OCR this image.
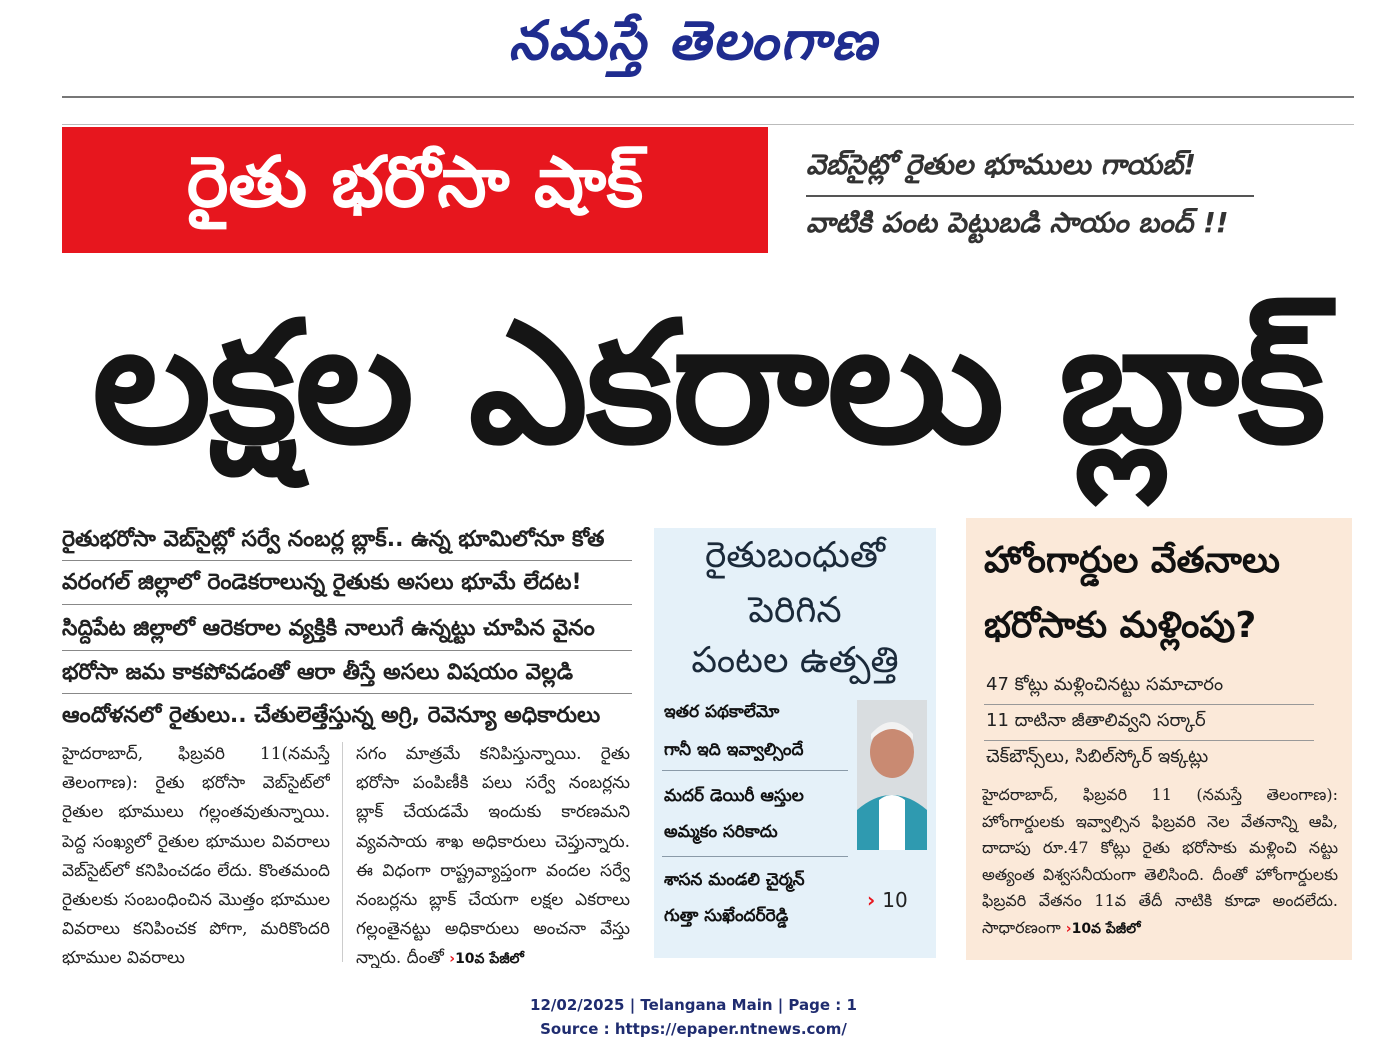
నమస్తే తెలంగాణ
రైతు భరోసా షాక్	వెబ్‌సైట్లో రైతుల భూములు గాయబ్!
వాటికి పంట పెట్టుబడి సాయం బంద్ !!
లక్షల ఎకరాలు బ్లాక్
రైతుభరోసా వెబ్‌సైట్లో సర్వే నంబర్ల బ్లాక్.. ఉన్న భూమిలోనూ కోత
వరంగల్ జిల్లాలో రెండెకరాలున్న రైతుకు అసలు భూమే లేదట!
సిద్దిపేట జిల్లాలో ఆరెకరాల వ్యక్తికి నాలుగే ఉన్నట్టు చూపిన వైనం
భరోసా జమ కాకపోవడంతో ఆరా తీస్తే అసలు విషయం వెల్లడి
ఆందోళనలో రైతులు.. చేతులెత్తేస్తున్న అగ్రి, రెవెన్యూ అధికారులు
హైదరాబాద్, ఫిబ్రవరి 11(నమస్తే తెలంగాణ): రైతు భరోసా వెబ్‌సైట్‌లో రైతుల భూములు గల్లంతవుతున్నాయి. పెద్ద సంఖ్యలో రైతుల భూముల వివరాలు వెబ్‌సైట్‌లో కనిపించడం లేదు. కొంతమంది రైతులకు సంబంధించిన మొత్తం భూముల వివరాలు కనిపించక పోగా, మరికొందరి భూముల వివరాలు
సగం మాత్రమే కనిపిస్తున్నాయి. రైతు భరోసా పంపిణీకి పలు సర్వే నంబర్లను బ్లాక్ చేయడమే ఇందుకు కారణమని వ్యవసాయ శాఖ అధికారులు చెప్తున్నారు. ఈ విధంగా రాష్ట్రవ్యాప్తంగా వందల సర్వే నంబర్లను బ్లాక్ చేయగా లక్షల ఎకరాలు గల్లంతైనట్టు అధికారులు అంచనా వేస్తు న్నారు. దీంతో ›10వ పేజీలో
రైతుబంధుతో
పెరిగిన
పంటల ఉత్పత్తి
ఇతర పథకాలేమో
గానీ ఇది ఇవ్వాల్సిందే
మదర్ డెయిరీ ఆస్తుల
అమ్మకం సరికాదు
శాసన మండలి చైర్మన్
గుత్తా సుఖేందర్‌రెడ్డి
› 10
హోంగార్డుల వేతనాలు
భరోసాకు మళ్లింపు?
47 కోట్లు మళ్లించినట్టు సమాచారం
11 దాటినా జీతాలివ్వని సర్కార్
చెక్‌బౌన్స్‌లు, సిబిల్‌స్కోర్ ఇక్కట్లు
హైదరాబాద్, ఫిబ్రవరి 11 (నమస్తే తెలంగాణ): హోంగార్డులకు ఇవ్వాల్సిన ఫిబ్రవరి నెల వేతనాన్ని ఆపి, దాదాపు రూ.47 కోట్లు రైతు భరోసాకు మళ్లించి నట్టు అత్యంత విశ్వసనీయంగా తెలిసింది. దీంతో హోంగార్డులకు ఫిబ్రవరి వేతనం 11వ తేదీ నాటికి కూడా అందలేదు. సాధారణంగా ›10వ పేజీలో
12/02/2025 | Telangana Main | Page : 1
Source : https://epaper.ntnews.com/
